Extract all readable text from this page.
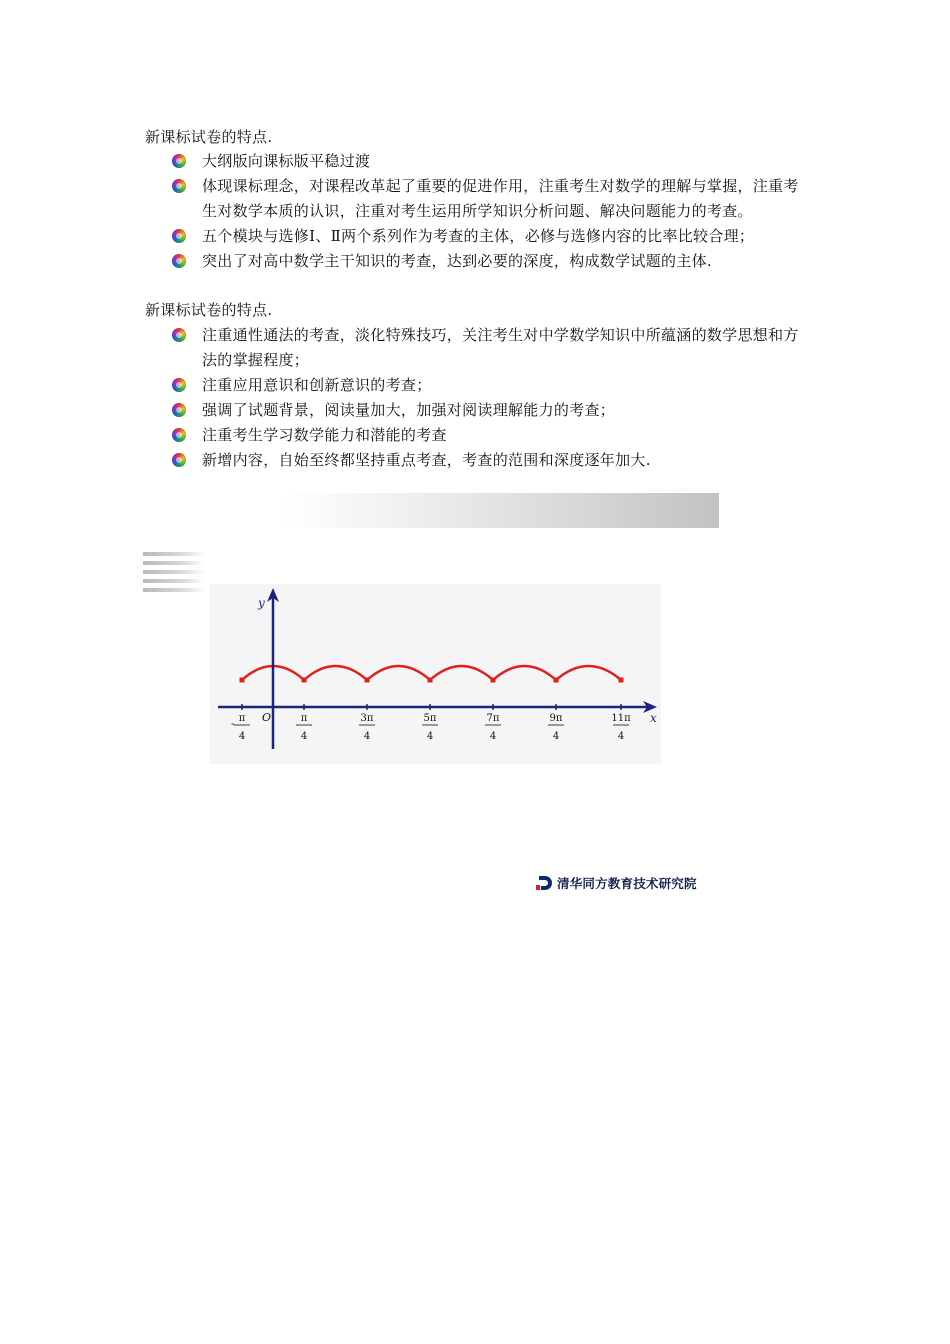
新课标试卷的特点.
大纲版向课标版平稳过渡
体现课标理念，对课程改革起了重要的促进作用，注重考生对数学的理解与掌握，注重考生对数学本质的认识，注重对考生运用所学知识分析问题、解决问题能力的考查。
五个模块与选修Ⅰ、Ⅱ两个系列作为考查的主体，必修与选修内容的比率比较合理；
突出了对高中数学主干知识的考查，达到必要的深度，构成数学试题的主体.
新课标试卷的特点.
注重通性通法的考查，淡化特殊技巧，关注考生对中学数学知识中所蕴涵的数学思想和方法的掌握程度；
注重应用意识和创新意识的考查；
强调了试题背景，阅读量加大，加强对阅读理解能力的考查；
注重考生学习数学能力和潜能的考查
新增内容，自始至终都坚持重点考查，考查的范围和深度逐年加大.
y
x
O
- π
4
π
4
3π
4
5π
4
7π
4
9π
4
11π
4
清华同方教育技术研究院
